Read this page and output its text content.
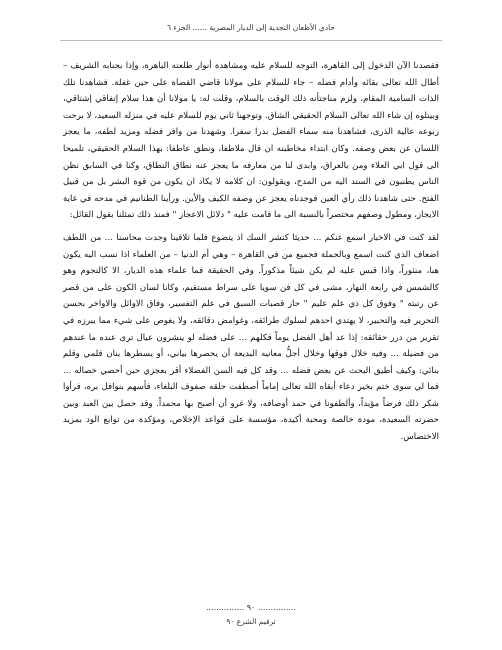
حادي الأظعان النجدية إلى الديار المصرية ...... الجزء ٦

فقصدنا الآن الدخول إلى القاهرة، التوجه للسلام عليه ومشاهدة أنوار طلعته الباهرة، وإذا بجنابه الشريف – أطال الله تعالى بقائه وأدام فضله – جاء للسلام على مولانا قاضي القضاة على حين غفلة. فشاهدنا تلك الذات السامية المقام، ولزم مناجتأنه ذلك الوقت بالسلام، وقلت له: يا مولانا أن هذا سلام إتفاقي إشتاقي، وبيتلوه إن شاء الله تعالى السلام الحقيقي الشاق. وتوجهنا ثاني يوم للسلام عليه في منزله السعيد، لا برحت ربوعه عالية الذرى، فشاهدنا منه سماء الفضل بدرا سفرا. وشهدنا من وافر فضله ومزيد لطفه، ما يعجز اللسان عن بعض وصفه. وكان ابتداء مخاطبته ان قال ملاطفا، ونطق عاطفا: بهذا السلام الحقيقي، تلميحا الى قول ابي العلاء ومن بالعراق، وابدى لنا من معارفه ما يعجز عنه نطاق النطاق، وكنا في السابق نظن الناس يطنبون في السند اليه من المدح، ويقولون: ان كلامه لا يكاد ان يكون من قوة البشر بل من قبيل الفتح. حتى شاهدنا ذلك رأي العين فوجدناه يعجز عن وصفه الكيف والأين. ورأينا الطنانيم في مدحه في غاية الايجاز، ومطول وصفهم مختصراً بالنسبة الى ما قامت عليه " دلائل الاعجاز " فمنذ ذلك تمثلنا بقول القائل:

لقد كنت في الاخبار اسمع عنكم ... حديثا كنشر السك اذ يتضوع فلما تلاقينا وجدت محاسنا ... من اللطف اضعاف الذي كنت اسمع وبالجملة فجميع من في القاهرة – وهي أم الدنيا – من العلماء اذا نسب اليه يكون هبا، منثوراً، واذا قيس عليه لم يكن شيئاً مذكوراً. وفي الحقيقة فما علماء هذه الديار، الا كالنجوم وهو كالشمس في رابعة النهار، مشى في كل فن سويا على سراط مستقيم، وكانا لسان الكون على من قصر عن رتبته " وفوق كل ذي علم عليم " حاز قصبات السبق في علم التفسير، وفاق الاوائل والاواخر بحسن التحرير فيه والتحبير، لا يهتدي احدهم لسلوك طرائقه، وغوامض دقائقه، ولا يغوص على شيء مما يبرزه في تقرير من درر حقائقه: إذا عد أهل الفضل يوماً فكلهم ... على فضله لو ينشرون عيال ترى عنده ما عندهم من فضيلة ... وفيه خلال فوقها وخلال أجلُّ معانيه البديعة أن يحصرها بياني، أو يسطرها بنان قلمي وقلم بنائي: وكيف أطيق البحث عن بعض فضله ... وقد كل فيه السن الفضلاء أقر بعجزي حين أحصي خصاله ... فما لي سوى ختم بخير دعاء أبقاه الله تعالى إماماً أصطفت حلقه صفوف البلغاء، فأسهم بنوافل بره، فرأوا شكر ذلك فرضاً مؤبداً، وألطفونا في حمد أوصافه، ولا غرو أن أصبح بها محمداً. وقد حصل بين العبد وبين حضرته السعيدة، مودة خالصة ومحبة أكيدة، مؤسسة على قواعد الإخلاص، ومؤكدة من توابع الود بمزيد الاختصاس.

............... ٩٠ ...............
ترقيم الشرع ٩٠
